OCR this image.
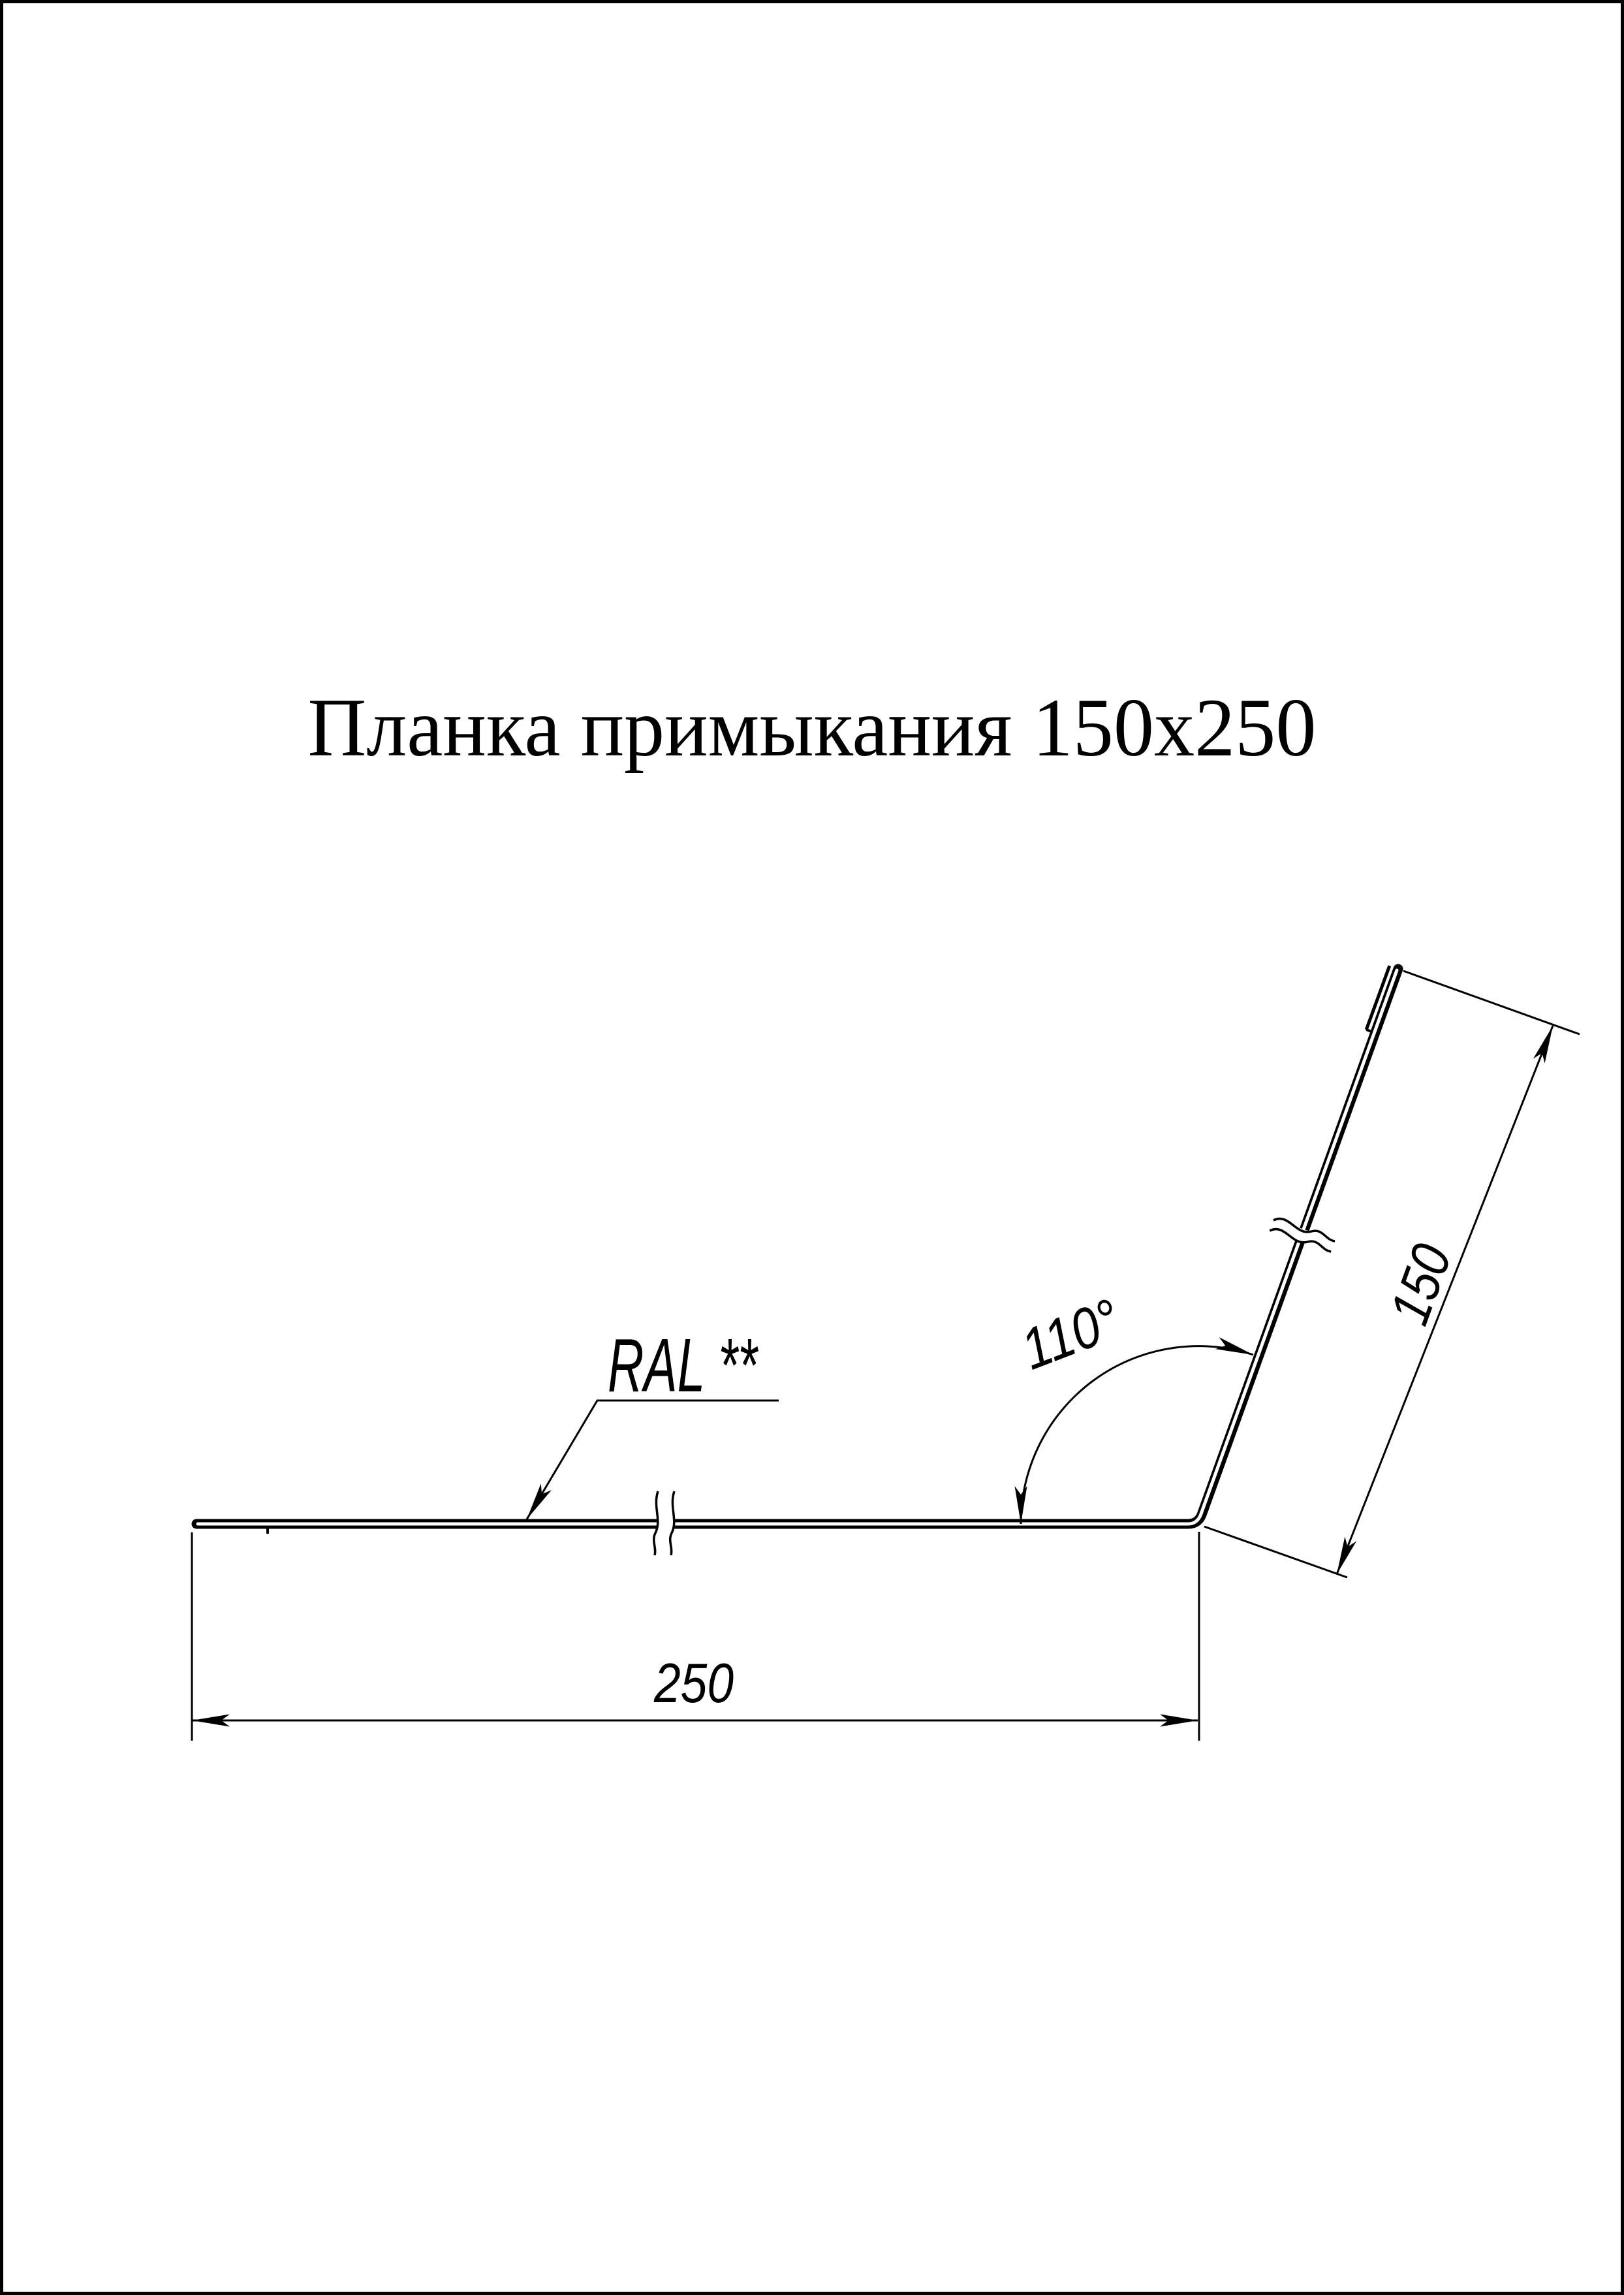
250
150
110°
RAL **
Планка примыкания 150х250
